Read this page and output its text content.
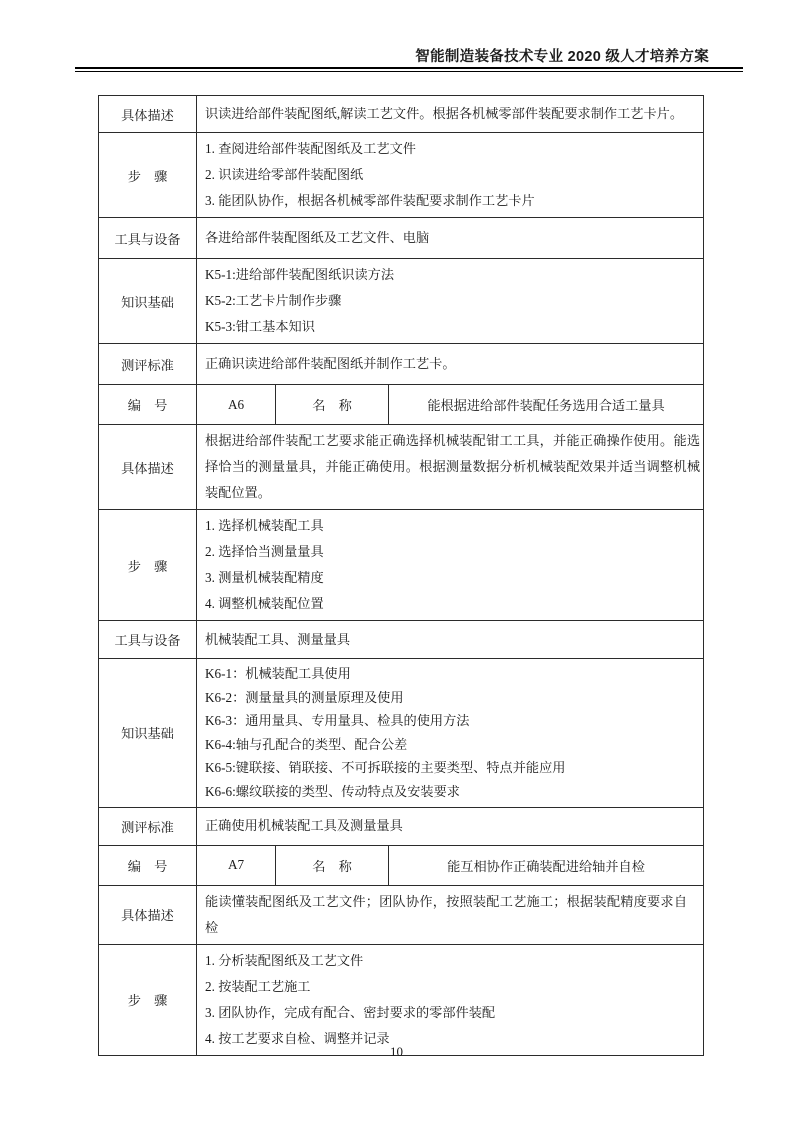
智能制造装备技术专业 2020 级人才培养方案
具体描述	识读进给部件装配图纸,解读工艺文件。根据各机械零部件装配要求制作工艺卡片。		
步　骤	1. 查阅进给部件装配图纸及工艺文件
2. 识读进给零部件装配图纸
3. 能团队协作，根据各机械零部件装配要求制作工艺卡片		

工具与设备	各进给部件装配图纸及工艺文件、电脑		
知识基础	K5-1:进给部件装配图纸识读方法
K5-2:工艺卡片制作步骤
K5-3:钳工基本知识		

测评标准	正确识读进给部件装配图纸并制作工艺卡。		
编　号	A6	名　称	能根据进给部件装配任务选用合适工量具
具体描述	根据进给部件装配工艺要求能正确选择机械装配钳工工具，并能正确操作使用。能选择恰当的测量量具，并能正确使用。根据测量数据分析机械装配效果并适当调整机械装配位置。		
步　骤	1. 选择机械装配工具
2. 选择恰当测量量具
3. 测量机械装配精度
4. 调整机械装配位置		

工具与设备	机械装配工具、测量量具		
知识基础	
K6-1：机械装配工具使用
K6-2：测量量具的测量原理及使用
K6-3：通用量具、专用量具、检具的使用方法
K6-4:轴与孔配合的类型、配合公差
K6-5:键联接、销联接、不可拆联接的主要类型、特点并能应用
K6-6:螺纹联接的类型、传动特点及安装要求

测评标准	正确使用机械装配工具及测量量具		
编　号	A7	名　称	能互相协作正确装配进给轴并自检
具体描述	能读懂装配图纸及工艺文件；团队协作，按照装配工艺施工；根据装配精度要求自检		
步　骤	1. 分析装配图纸及工艺文件
2. 按装配工艺施工
3. 团队协作，完成有配合、密封要求的零部件装配
4. 按工艺要求自检、调整并记录		
10
